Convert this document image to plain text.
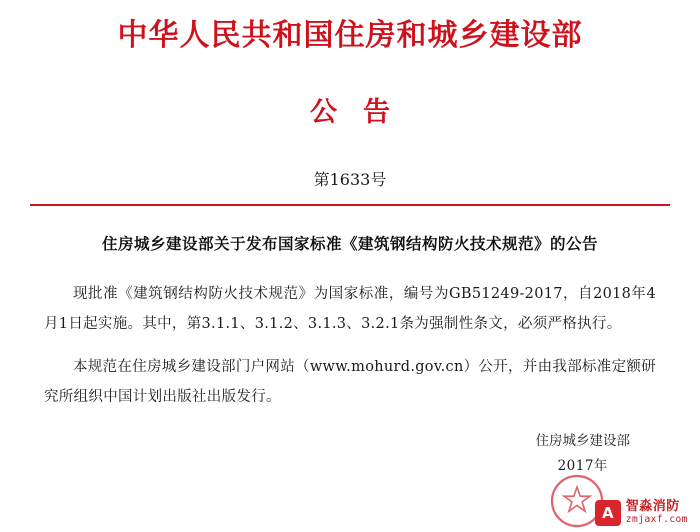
中华人民共和国住房和城乡建设部
公告
第1633号
住房城乡建设部关于发布国家标准《建筑钢结构防火技术规范》的公告

现批准《建筑钢结构防火技术规范》为国家标准，编号为GB51249-2017，自2018年4月1日起实施。其中，第3.1.1、3.1.2、3.1.3、3.2.1条为强制性条文，必须严格执行。

本规范在住房城乡建设部门户网站（www.mohurd.gov.cn）公开，并由我部标准定额研究所组织中国计划出版社出版发行。

住房城乡建设部
2017年
A 智淼消防
zmjaxf.com
